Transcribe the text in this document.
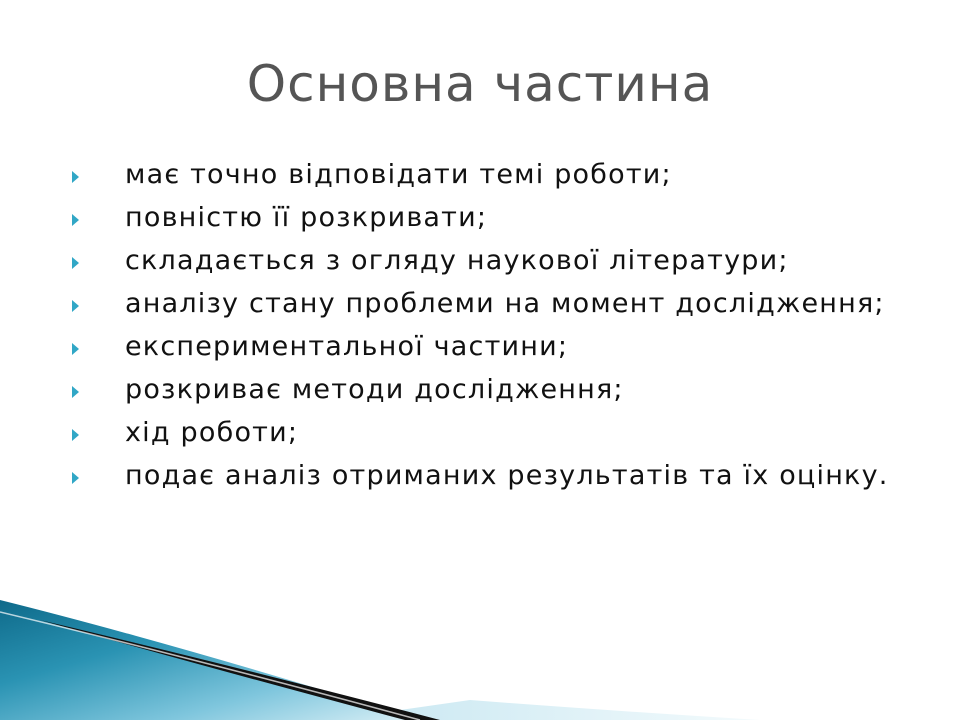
Основна частина
має точно відповідати темі роботи;
повністю її розкривати;
складається з огляду наукової літератури;
аналізу стану проблеми на момент дослідження;
експериментальної частини;
розкриває методи дослідження;
хід роботи;
подає аналіз отриманих результатів та їх оцінку.
